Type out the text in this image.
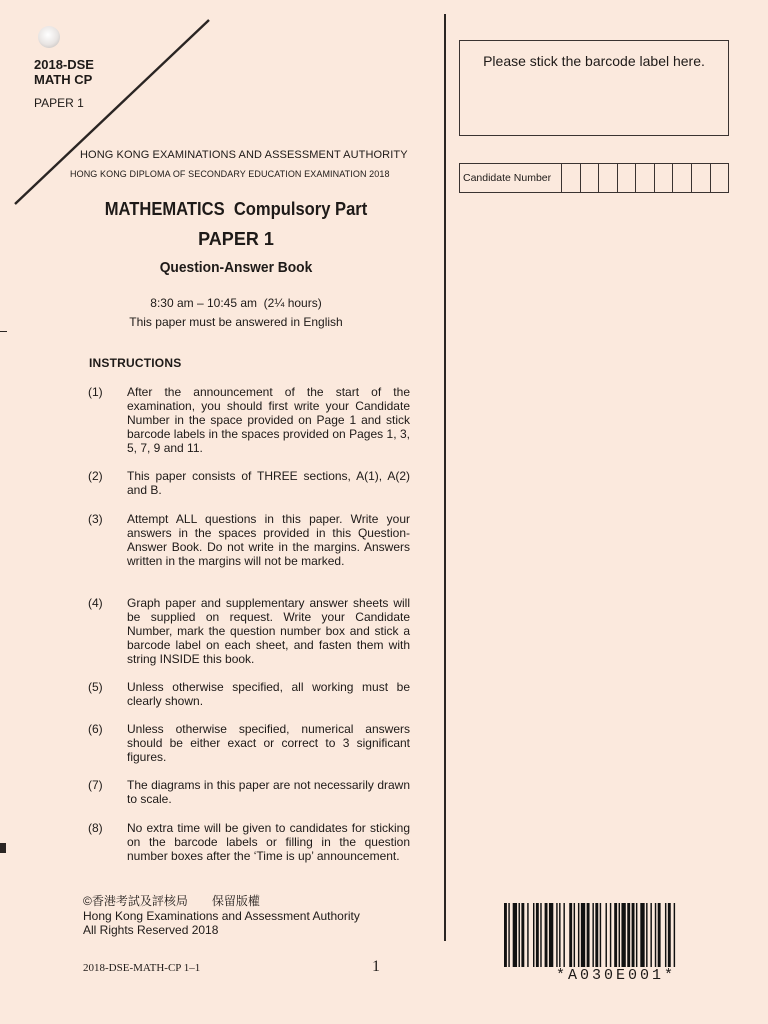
2018-DSE
MATH CP
PAPER 1
HONG KONG EXAMINATIONS AND ASSESSMENT AUTHORITY
HONG KONG DIPLOMA OF SECONDARY EDUCATION EXAMINATION 2018
MATHEMATICS  Compulsory Part
PAPER 1
Question-Answer Book
8:30 am – 10:45 am  (2¼ hours)
This paper must be answered in English
INSTRUCTIONS
(1)	After the announcement of the start of the examination, you should first write your Candidate Number in the space provided on Page 1 and stick barcode labels in the spaces provided on Pages 1, 3, 5, 7, 9 and 11.
(2)	This paper consists of THREE sections, A(1), A(2) and B.
(3)	Attempt ALL questions in this paper. Write your answers in the spaces provided in this Question-Answer Book. Do not write in the margins. Answers written in the margins will not be marked.
(4)	Graph paper and supplementary answer sheets will be supplied on request. Write your Candidate Number, mark the question number box and stick a barcode label on each sheet, and fasten them with string INSIDE this book.
(5)	Unless otherwise specified, all working must be clearly shown.
(6)	Unless otherwise specified, numerical answers should be either exact or correct to 3 significant figures.
(7)	The diagrams in this paper are not necessarily drawn to scale.
(8)	No extra time will be given to candidates for sticking on the barcode labels or filling in the question number boxes after the ‘Time is up’ announcement.
©香港考試及評核局　　保留版權
Hong Kong Examinations and Assessment Authority
All Rights Reserved 2018
2018-DSE-MATH-CP 1–1	1
Please stick the barcode label here.
Candidate Number
*A030E001*
